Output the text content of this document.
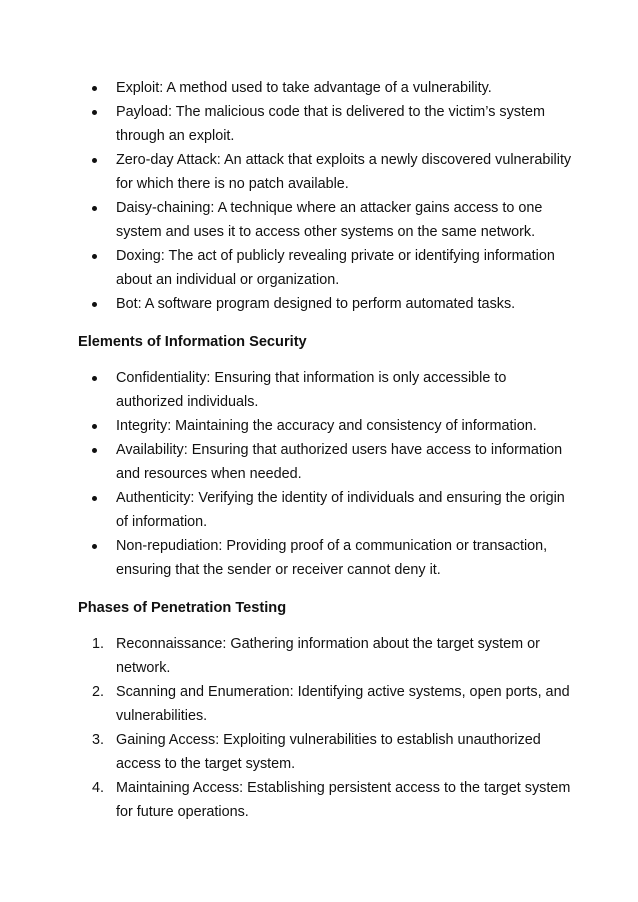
Exploit: A method used to take advantage of a vulnerability.
Payload: The malicious code that is delivered to the victim’s system through an exploit.
Zero-day Attack: An attack that exploits a newly discovered vulnerability for which there is no patch available.
Daisy-chaining: A technique where an attacker gains access to one system and uses it to access other systems on the same network.
Doxing: The act of publicly revealing private or identifying information about an individual or organization.
Bot: A software program designed to perform automated tasks.
Elements of Information Security
Confidentiality: Ensuring that information is only accessible to authorized individuals.
Integrity: Maintaining the accuracy and consistency of information.
Availability: Ensuring that authorized users have access to information and resources when needed.
Authenticity: Verifying the identity of individuals and ensuring the origin of information.
Non-repudiation: Providing proof of a communication or transaction, ensuring that the sender or receiver cannot deny it.
Phases of Penetration Testing
1. Reconnaissance: Gathering information about the target system or network.
2. Scanning and Enumeration: Identifying active systems, open ports, and vulnerabilities.
3. Gaining Access: Exploiting vulnerabilities to establish unauthorized access to the target system.
4. Maintaining Access: Establishing persistent access to the target system for future operations.
